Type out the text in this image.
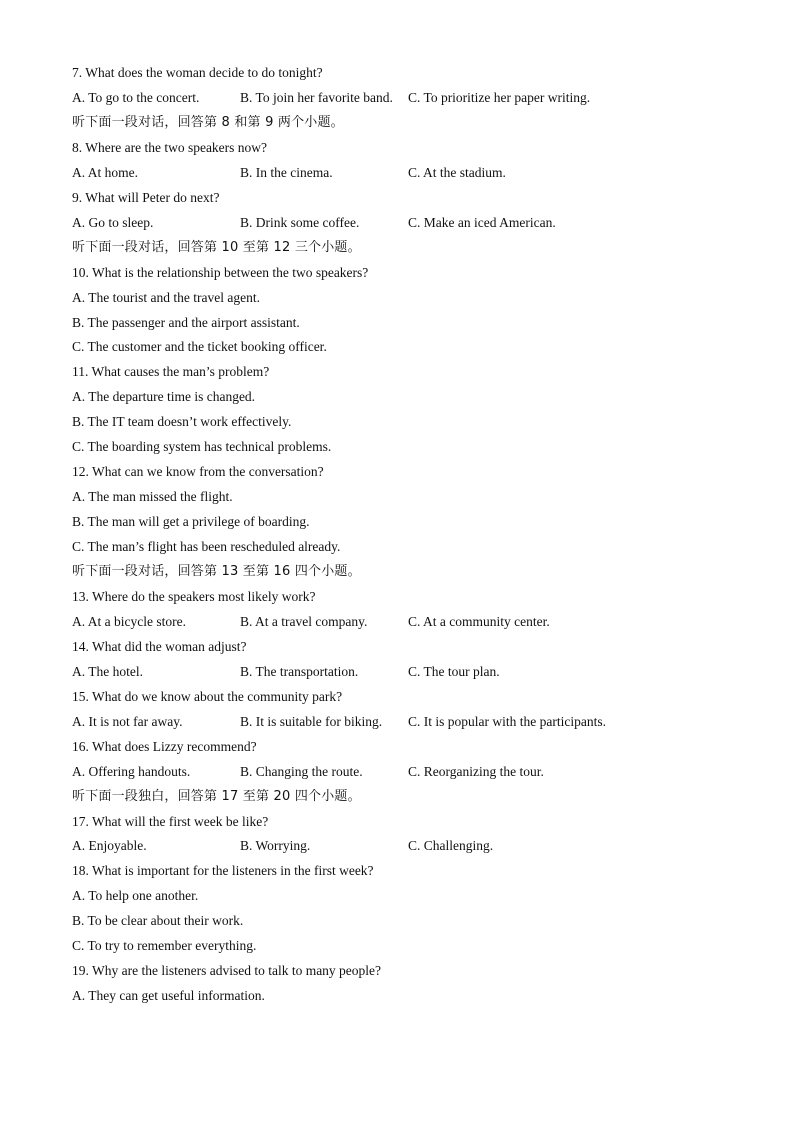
7. What does the woman decide to do tonight?
A. To go to the concert.	B. To join her favorite band. C. To prioritize her paper writing.
听下面一段对话，回答第 8 和第 9 两个小题。
8. Where are the two speakers now?
A. At home.	B. In the cinema.	C. At the stadium.
9. What will Peter do next?
A. Go to sleep.	B. Drink some coffee.	C. Make an iced American.
听下面一段对话，回答第 10 至第 12 三个小题。
10. What is the relationship between the two speakers?
A. The tourist and the travel agent.
B. The passenger and the airport assistant.
C. The customer and the ticket booking officer.
11. What causes the man’s problem?
A. The departure time is changed.
B. The IT team doesn’t work effectively.
C. The boarding system has technical problems.
12. What can we know from the conversation?
A. The man missed the flight.
B. The man will get a privilege of boarding.
C. The man’s flight has been rescheduled already.
听下面一段对话，回答第 13 至第 16 四个小题。
13. Where do the speakers most likely work?
A. At a bicycle store.	B. At a travel company.	C. At a community center.
14. What did the woman adjust?
A. The hotel.	B. The transportation.	C. The tour plan.
15. What do we know about the community park?
A. It is not far away.	B. It is suitable for biking. C. It is popular with the participants.
16. What does Lizzy recommend?
A. Offering handouts.	B. Changing the route.	C. Reorganizing the tour.
听下面一段独白，回答第 17 至第 20 四个小题。
17. What will the first week be like?
A. Enjoyable.	B. Worrying.	C. Challenging.
18. What is important for the listeners in the first week?
A. To help one another.
B. To be clear about their work.
C. To try to remember everything.
19. Why are the listeners advised to talk to many people?
A. They can get useful information.
